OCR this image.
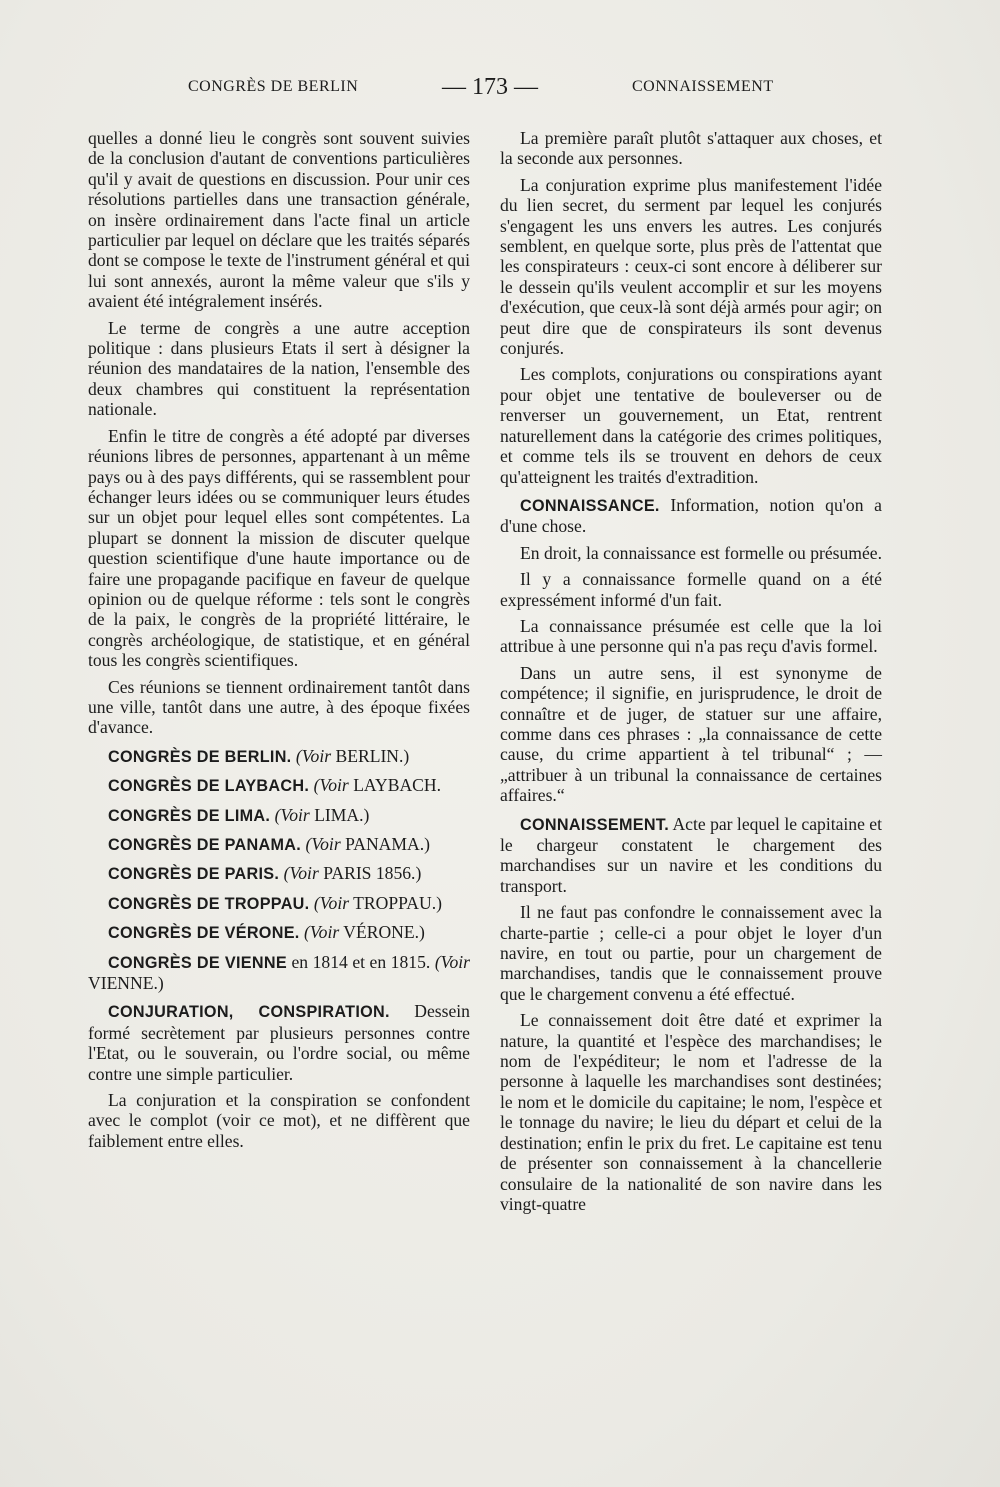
CONGRÈS DE BERLIN	— 173 —	CONNAISSEMENT

quelles a donné lieu le congrès sont souvent suivies de la conclusion d'autant de conventions particulières qu'il y avait de questions en discussion. Pour unir ces résolutions partielles dans une transaction générale, on insère ordinairement dans l'acte final un article particulier par lequel on déclare que les traités séparés dont se compose le texte de l'instrument général et qui lui sont annexés, auront la même valeur que s'ils y avaient été intégralement insérés.

Le terme de congrès a une autre acception politique : dans plusieurs Etats il sert à désigner la réunion des mandataires de la nation, l'ensemble des deux chambres qui constituent la représentation nationale.

Enfin le titre de congrès a été adopté par diverses réunions libres de personnes, appartenant à un même pays ou à des pays différents, qui se rassemblent pour échanger leurs idées ou se communiquer leurs études sur un objet pour lequel elles sont compétentes. La plupart se donnent la mission de discuter quelque question scientifique d'une haute importance ou de faire une propagande pacifique en faveur de quelque opinion ou de quelque réforme : tels sont le congrès de la paix, le congrès de la propriété littéraire, le congrès archéologique, de statistique, et en général tous les congrès scientifiques.

Ces réunions se tiennent ordinairement tantôt dans une ville, tantôt dans une autre, à des époque fixées d'avance.

CONGRÈS DE BERLIN. (Voir BERLIN.)

CONGRÈS DE LAYBACH. (Voir LAYBACH.

CONGRÈS DE LIMA. (Voir LIMA.)

CONGRÈS DE PANAMA. (Voir PANAMA.)

CONGRÈS DE PARIS. (Voir PARIS 1856.)

CONGRÈS DE TROPPAU. (Voir TROPPAU.)

CONGRÈS DE VÉRONE. (Voir VÉRONE.)

CONGRÈS DE VIENNE en 1814 et en 1815. (Voir VIENNE.)

CONJURATION, CONSPIRATION. Dessein formé secrètement par plusieurs personnes contre l'Etat, ou le souverain, ou l'ordre social, ou même contre une simple particulier.

La conjuration et la conspiration se confondent avec le complot (voir ce mot), et ne diffèrent que faiblement entre elles.

La première paraît plutôt s'attaquer aux choses, et la seconde aux personnes.

La conjuration exprime plus manifestement l'idée du lien secret, du serment par lequel les conjurés s'engagent les uns envers les autres. Les conjurés semblent, en quelque sorte, plus près de l'attentat que les conspirateurs : ceux-ci sont encore à déliberer sur le dessein qu'ils veulent accomplir et sur les moyens d'exécution, que ceux-là sont déjà armés pour agir; on peut dire que de conspirateurs ils sont devenus conjurés.

Les complots, conjurations ou conspirations ayant pour objet une tentative de bouleverser ou de renverser un gouvernement, un Etat, rentrent naturellement dans la catégorie des crimes politiques, et comme tels ils se trouvent en dehors de ceux qu'atteignent les traités d'extradition.

CONNAISSANCE. Information, notion qu'on a d'une chose.

En droit, la connaissance est formelle ou présumée.

Il y a connaissance formelle quand on a été expressément informé d'un fait.

La connaissance présumée est celle que la loi attribue à une personne qui n'a pas reçu d'avis formel.

Dans un autre sens, il est synonyme de compétence; il signifie, en jurisprudence, le droit de connaître et de juger, de statuer sur une affaire, comme dans ces phrases : „la connaissance de cette cause, du crime appartient à tel tribunal“ ; — „attribuer à un tribunal la connaissance de certaines affaires.“

CONNAISSEMENT. Acte par lequel le capitaine et le chargeur constatent le chargement des marchandises sur un navire et les conditions du transport.

Il ne faut pas confondre le connaissement avec la charte-partie ; celle-ci a pour objet le loyer d'un navire, en tout ou partie, pour un chargement de marchandises, tandis que le connaissement prouve que le chargement convenu a été effectué.

Le connaissement doit être daté et exprimer la nature, la quantité et l'espèce des marchandises; le nom de l'expéditeur; le nom et l'adresse de la personne à laquelle les marchandises sont destinées; le nom et le domicile du capitaine; le nom, l'espèce et le tonnage du navire; le lieu du départ et celui de la destination; enfin le prix du fret. Le capitaine est tenu de présenter son connaissement à la chancellerie consulaire de la nationalité de son navire dans les vingt-quatre
